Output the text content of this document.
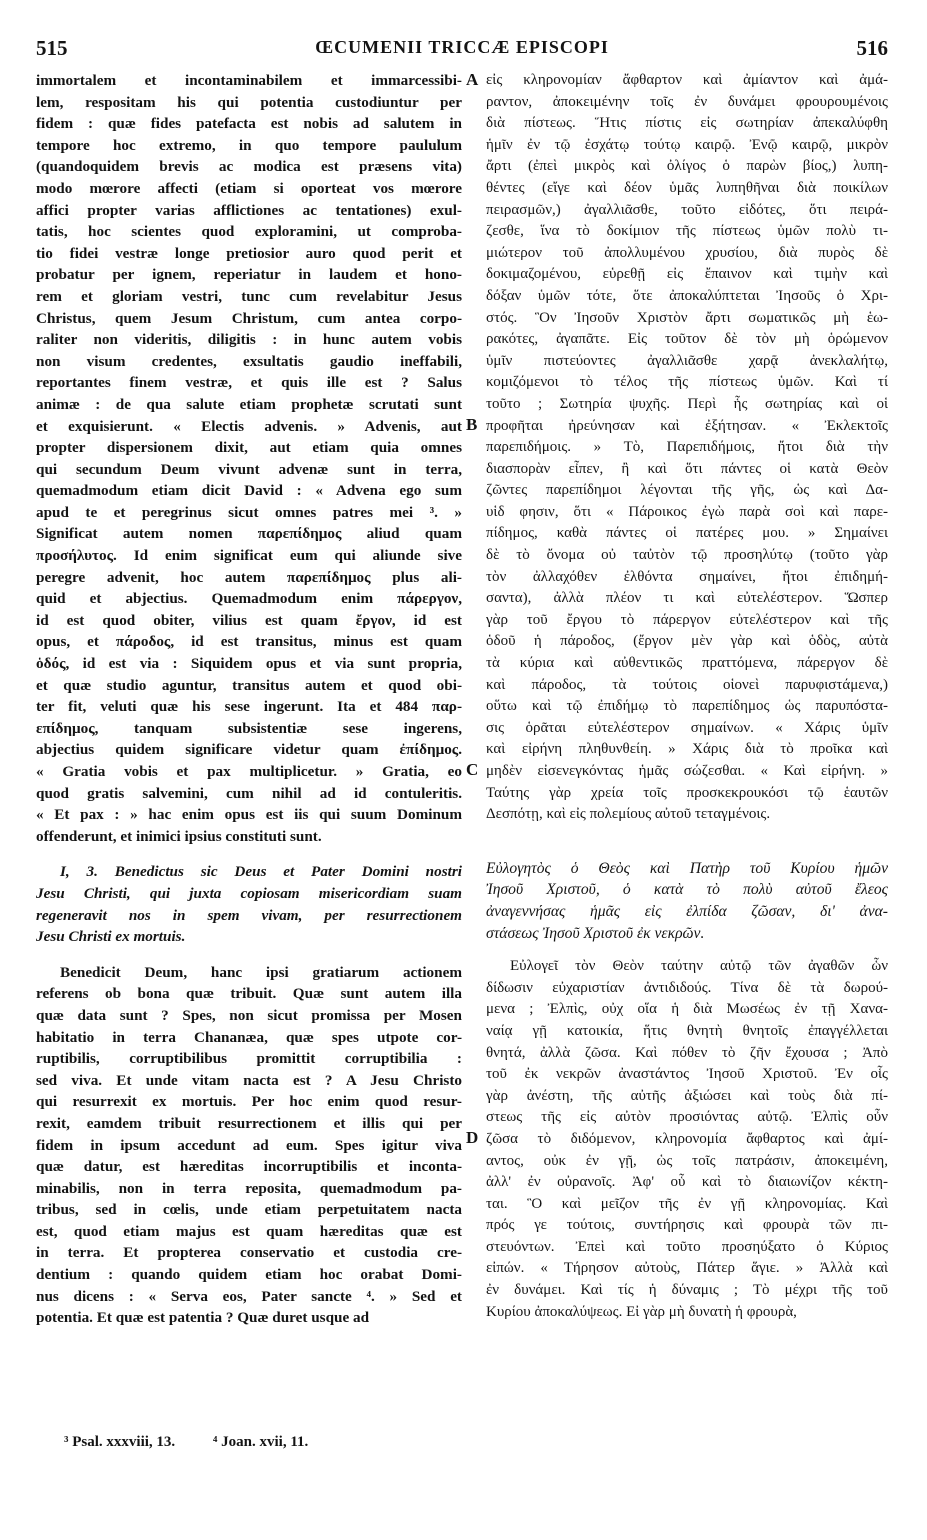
515	ŒCUMENII TRICCÆ EPISCOPI	516
A
B
C
D

immortalem et incontaminabilem et immarcessibi-

lem, respositam his qui potentia custodiuntur per

fidem : quæ fides patefacta est nobis ad salutem in

tempore hoc extremo, in quo tempore paululum

(quandoquidem brevis ac modica est præsens vita)

modo mœrore affecti (etiam si oporteat vos mœrore

affici propter varias afflictiones ac tentationes) exul-

tatis, hoc scientes quod exploramini, ut comproba-

tio fidei vestræ longe pretiosior auro quod perit et

probatur per ignem, reperiatur in laudem et hono-

rem et gloriam vestri, tunc cum revelabitur Jesus

Christus, quem Jesum Christum, cum antea corpo-

raliter non videritis, diligitis : in hunc autem vobis

non visum credentes, exsultatis gaudio ineffabili,

reportantes finem vestræ, et quis ille est ? Salus

animæ : de qua salute etiam prophetæ scrutati sunt

et exquisierunt. « Electis advenis. » Advenis, aut

propter dispersionem dixit, aut etiam quia omnes

qui secundum Deum vivunt advenæ sunt in terra,

quemadmodum etiam dicit David : « Advena ego sum

apud te et peregrinus sicut omnes patres mei ³. »

Significat autem nomen παρεπίδημος aliud quam

προσήλυτος. Id enim significat eum qui aliunde sive

peregre advenit, hoc autem παρεπίδημος plus ali-

quid et abjectius. Quemadmodum enim πάρεργον,

id est quod obiter, vilius est quam ἔργον, id est

opus, et πάροδος, id est transitus, minus est quam

ὁδός, id est via : Siquidem opus et via sunt propria,

et quæ studio aguntur, transitus autem et quod obi-

ter fit, veluti quæ his sese ingerunt. Ita et 484 παρ-

επίδημος, tanquam subsistentiæ sese ingerens,

abjectius quidem significare videtur quam ἐπίδημος.

« Gratia vobis et pax multiplicetur. » Gratia, eo

quod gratis salvemini, cum nihil ad id contuleritis.

« Et pax : » hac enim opus est iis qui suum Dominum

offenderunt, et inimici ipsius constituti sunt.

I, 3. Benedictus sic Deus et Pater Domini nostri

Jesu Christi, qui juxta copiosam misericordiam suam

regeneravit nos in spem vivam, per resurrectionem

Jesu Christi ex mortuis.

Benedicit Deum, hanc ipsi gratiarum actionem

referens ob bona quæ tribuit. Quæ sunt autem illa

quæ data sunt ? Spes, non sicut promissa per Mosen

habitatio in terra Chananæa, quæ spes utpote cor-

ruptibilis, corruptibilibus promittit corruptibilia :

sed viva. Et unde vitam nacta est ? A Jesu Christo

qui resurrexit ex mortuis. Per hoc enim quod resur-

rexit, eamdem tribuit resurrectionem et illis qui per

fidem in ipsum accedunt ad eum. Spes igitur viva

quæ datur, est hæreditas incorruptibilis et inconta-

minabilis, non in terra reposita, quemadmodum pa-

tribus, sed in cœlis, unde etiam perpetuitatem nacta

est, quod etiam majus est quam hæreditas quæ est

in terra. Et propterea conservatio et custodia cre-

dentium : quando quidem etiam hoc orabat Domi-

nus dicens : « Serva eos, Pater sancte ⁴. » Sed et

potentia. Et quæ est patentia ? Quæ duret usque ad

εἰς κληρονομίαν ἄφθαρτον καὶ ἀμίαντον καὶ ἀμά-

ραντον, ἀποκειμένην τοῖς ἐν δυνάμει φρουρουμένοις

διὰ πίστεως. Ἥτις πίστις εἰς σωτηρίαν ἀπεκαλύφθη

ἡμῖν ἐν τῷ ἐσχάτῳ τούτῳ καιρῷ. Ἐνῷ καιρῷ, μικρὸν

ἄρτι (ἐπεὶ μικρὸς καὶ ὀλίγος ὁ παρὼν βίος,) λυπη-

θέντες (εἴγε καὶ δέον ὑμᾶς λυπηθῆναι διὰ ποικίλων

πειρασμῶν,) ἀγαλλιᾶσθε, τοῦτο εἰδότες, ὅτι πειρά-

ζεσθε, ἵνα τὸ δοκίμιον τῆς πίστεως ὑμῶν πολὺ τι-

μιώτερον τοῦ ἀπολλυμένου χρυσίου, διὰ πυρὸς δὲ

δοκιμαζομένου, εὑρεθῇ εἰς ἔπαινον καὶ τιμὴν καὶ

δόξαν ὑμῶν τότε, ὅτε ἀποκαλύπτεται Ἰησοῦς ὁ Χρι-

στός. Ὃν Ἰησοῦν Χριστὸν ἄρτι σωματικῶς μὴ ἑω-

ρακότες, ἀγαπᾶτε. Εἰς τοῦτον δὲ τὸν μὴ ὁρώμενον

ὑμῖν πιστεύοντες ἀγαλλιᾶσθε χαρᾷ ἀνεκλαλήτῳ,

κομιζόμενοι τὸ τέλος τῆς πίστεως ὑμῶν. Καὶ τί

τοῦτο ; Σωτηρία ψυχῆς. Περὶ ἧς σωτηρίας καὶ οἱ

προφῆται ἠρεύνησαν καὶ ἐξήτησαν. « Ἐκλεκτοῖς

παρεπιδήμοις. » Τὸ, Παρεπιδήμοις, ἤτοι διὰ τὴν

διασπορὰν εἶπεν, ἢ καὶ ὅτι πάντες οἱ κατὰ Θεὸν

ζῶντες παρεπίδημοι λέγονται τῆς γῆς, ὡς καὶ Δα-

υἱδ φησιν, ὅτι « Πάροικος ἐγὼ παρὰ σοὶ καὶ παρε-

πίδημος, καθὰ πάντες οἱ πατέρες μου. » Σημαίνει

δὲ τὸ ὄνομα οὐ ταὐτὸν τῷ προσηλύτῳ (τοῦτο γὰρ

τὸν ἀλλαχόθεν ἐλθόντα σημαίνει, ἤτοι ἐπιδημή-

σαντα), ἀλλὰ πλέον τι καὶ εὐτελέστερον. Ὥσπερ

γὰρ τοῦ ἔργου τὸ πάρεργον εὐτελέστερον καὶ τῆς

ὁδοῦ ἡ πάροδος, (ἔργον μὲν γὰρ καὶ ὁδὸς, αὐτὰ

τὰ κύρια καὶ αὐθεντικῶς πραττόμενα, πάρεργον δὲ

καὶ πάροδος, τὰ τούτοις οἱονεὶ παρυφιστάμενα,)

οὕτω καὶ τῷ ἐπιδήμῳ τὸ παρεπίδημος ὡς παρυπόστα-

σις ὁρᾶται εὐτελέστερον σημαίνων. « Χάρις ὑμῖν

καὶ εἰρήνη πληθυνθείη. » Χάρις διὰ τὸ προῖκα καὶ

μηδὲν εἰσενεγκόντας ἡμᾶς σώζεσθαι. « Καὶ εἰρήνη. »

Ταύτης γὰρ χρεία τοῖς προσκεκρουκόσι τῷ ἑαυτῶν

Δεσπότῃ, καὶ εἰς πολεμίους αὐτοῦ τεταγμένοις.

Εὐλογητὸς ὁ Θεὸς καὶ Πατὴρ τοῦ Κυρίου ἡμῶν

Ἰησοῦ Χριστοῦ, ὁ κατὰ τὸ πολὺ αὐτοῦ ἔλεος

ἀναγεννήσας ἡμᾶς εἰς ἐλπίδα ζῶσαν, δι' ἀνα-

στάσεως Ἰησοῦ Χριστοῦ ἐκ νεκρῶν.

Εὐλογεῖ τὸν Θεὸν ταύτην αὐτῷ τῶν ἀγαθῶν ὧν

δίδωσιν εὐχαριστίαν ἀντιδιδούς. Τίνα δὲ τὰ δωρού-

μενα ; Ἐλπὶς, οὐχ οἵα ἡ διὰ Μωσέως ἐν τῇ Χανα-

ναίᾳ γῇ κατοικία, ἥτις θνητὴ θνητοῖς ἐπαγγέλλεται

θνητά, ἀλλὰ ζῶσα. Καὶ πόθεν τὸ ζῆν ἔχουσα ; Ἀπὸ

τοῦ ἐκ νεκρῶν ἀναστάντος Ἰησοῦ Χριστοῦ. Ἐν οἷς

γὰρ ἀνέστη, τῆς αὐτῆς ἀξιώσει καὶ τοὺς διὰ πί-

στεως τῆς εἰς αὐτὸν προσιόντας αὐτῷ. Ἐλπὶς οὖν

ζῶσα τὸ διδόμενον, κληρονομία ἄφθαρτος καὶ ἀμί-

αντος, οὐκ ἐν γῇ, ὡς τοῖς πατράσιν, ἀποκειμένη,

ἀλλ' ἐν οὐρανοῖς. Ἀφ' οὗ καὶ τὸ διαιωνίζον κέκτη-

ται. Ὃ καὶ μεῖζον τῆς ἐν γῇ κληρονομίας. Καὶ

πρός γε τούτοις, συντήρησις καὶ φρουρὰ τῶν πι-

στευόντων. Ἐπεὶ καὶ τοῦτο προσηύξατο ὁ Κύριος

εἰπών. « Τήρησον αὐτοὺς, Πάτερ ἅγιε. » Ἀλλὰ καὶ

ἐν δυνάμει. Καὶ τίς ἡ δύναμις ; Τὸ μέχρι τῆς τοῦ

Κυρίου ἀποκαλύψεως. Εἰ γὰρ μὴ δυνατὴ ἡ φρουρὰ,

³ Psal. xxxviii, 13.	⁴ Joan. xvii, 11.
